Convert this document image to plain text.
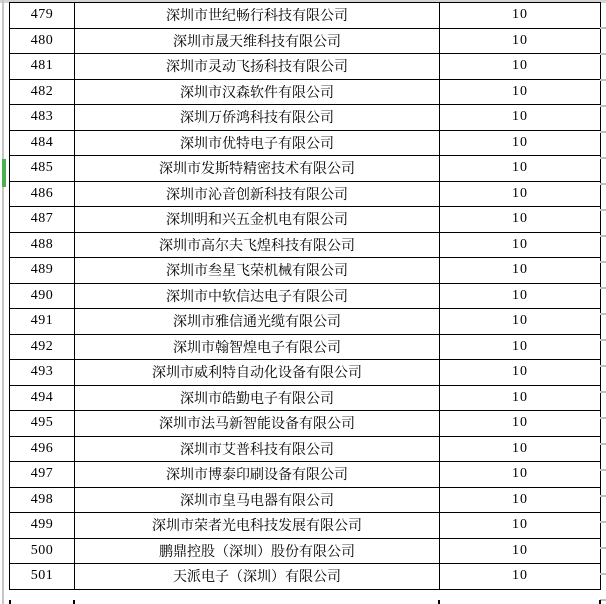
479	深圳市世纪畅行科技有限公司	10
480	深圳市晟天维科技有限公司	10
481	深圳市灵动飞扬科技有限公司	10
482	深圳市汉森软件有限公司	10
483	深圳万侨鸿科技有限公司	10
484	深圳市优特电子有限公司	10
485	深圳市发斯特精密技术有限公司	10
486	深圳市沁音创新科技有限公司	10
487	深圳明和兴五金机电有限公司	10
488	深圳市高尔夫飞煌科技有限公司	10
489	深圳市叁星飞荣机械有限公司	10
490	深圳市中软信达电子有限公司	10
491	深圳市雅信通光缆有限公司	10
492	深圳市翰智煌电子有限公司	10
493	深圳市威利特自动化设备有限公司	10
494	深圳市皓勤电子有限公司	10
495	深圳市法马新智能设备有限公司	10
496	深圳市艾普科技有限公司	10
497	深圳市博泰印刷设备有限公司	10
498	深圳市皇马电器有限公司	10
499	深圳市荣者光电科技发展有限公司	10
500	鹏鼎控股（深圳）股份有限公司	10
501	天派电子（深圳）有限公司	10
